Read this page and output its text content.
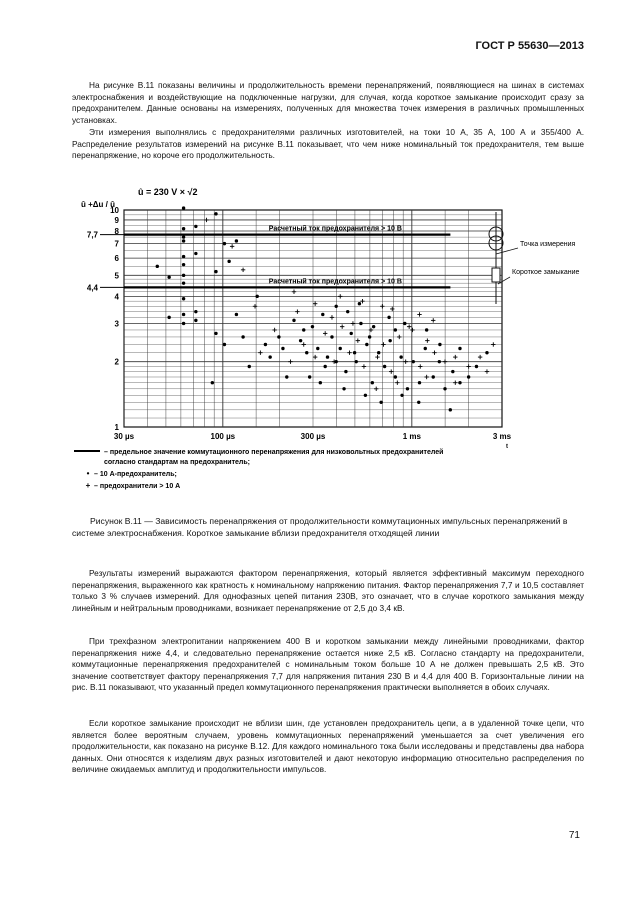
ГОСТ Р 55630—2013

На рисунке В.11 показаны величины и продолжительность времени перенапряжений, появляющиеся на шинах в системах электроснабжения и воздействующие на подключенные нагрузки, для случая, когда короткое замыкание происходит сразу за предохранителем. Данные основаны на измерениях, полученных для множества точек измерения в различных промышленных установках.

Эти измерения выполнялись с предохранителями различных изготовителей, на токи 10 А, 35 А, 100 А и 355/400 А. Распределение результатов измерений на рисунке В.11 показывает, что чем ниже номинальный ток предохранителя, тем выше перенапряжение, но короче его продолжительность.

7,7
Расчетный ток предохранителя > 10 В
4,4
Расчетный ток предохранителя > 10 В
1
2
3
4
5
6
7
8
9
10
30 µs	100 µs	300 µs	1 ms	3 ms
t
û = 230 V × √2
û +Δu / û
Точка измерения
Короткое замыкание
– предельное значение коммутационного перенапряжения для низковольтных предохранителей
согласно стандартам на предохранитель;
• – 10 А-предохранитель;
+ – предохранители > 10 А

Рисунок В.11 — Зависимость перенапряжения от продолжительности коммутационных импульсных перенапряжений в системе электроснабжения. Короткое замыкание вблизи предохранителя отходящей линии

Результаты измерений выражаются фактором перенапряжения, который является эффективный максимум переходного перенапряжения, выраженного как кратность к номинальному напряжению питания. Фактор перенапряжения 7,7 и 10,5 составляет только 3 % случаев измерений. Для однофазных цепей питания 230В, это означает, что в случае короткого замыкания между линейным и нейтральным проводниками, возникает перенапряжение от 2,5 до 3,4 кВ.

При трехфазном электропитании напряжением 400 В и коротком замыкании между линейными проводниками, фактор перенапряжения ниже 4,4, и следовательно перенапряжение остается ниже 2,5 кВ. Согласно стандарту на предохранители, коммутационные перенапряжения предохранителей с номинальным током больше 10 А не должен превышать 2,5 кВ. Это значение соответствует фактору перенапряжения 7,7 для напряжения питания 230 В и 4,4 для 400 В. Горизонтальные линии на рис. В.11 показывают, что указанный предел коммутационного перенапряжения практически выполняется в обоих случаях.

Если короткое замыкание происходит не вблизи шин, где установлен предохранитель цепи, а в удаленной точке цепи, что является более вероятным случаем, уровень коммутационных перенапряжений уменьшается за счет увеличения его продолжительности, как показано на рисунке В.12. Для каждого номинального тока были исследованы и представлены два набора данных. Они относятся к изделиям двух разных изготовителей и дают некоторую информацию относительно распределения по величине ожидаемых амплитуд и продолжительности импульсов.

71
